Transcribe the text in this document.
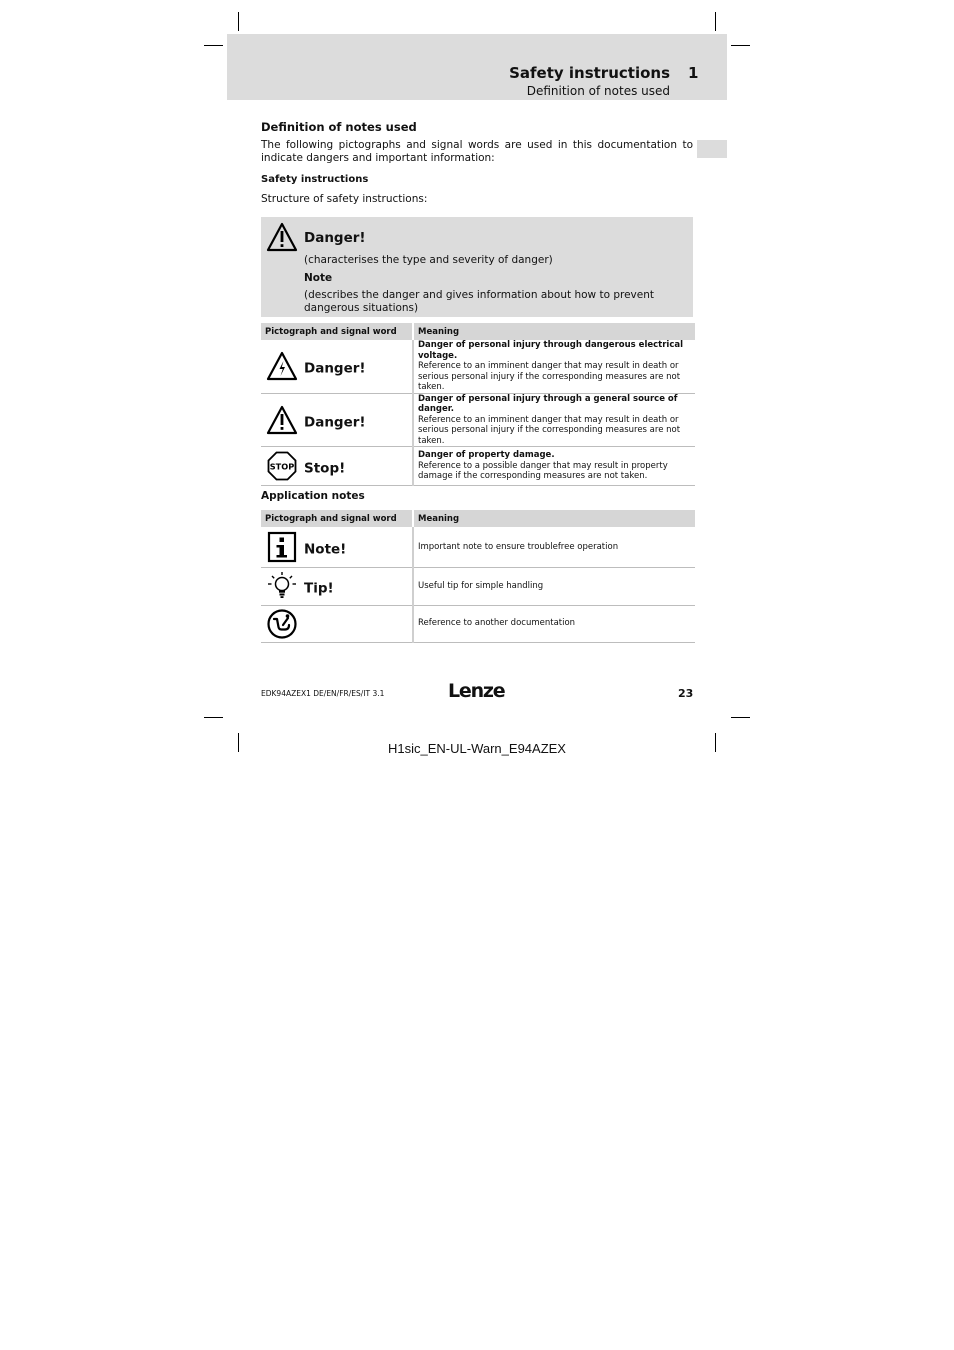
Safety instructions 1
Definition of notes used
Definition of notes used
The following pictographs and signal words are used in this documentation to indicate dangers and important information:
Safety instructions
Structure of safety instructions:
Danger!
(characterises the type and severity of danger)
Note
(describes the danger and gives information about how to prevent dangerous situations)
Pictograph and signal word	Meaning

Danger!	Danger of personal injury through dangerous electrical voltage.
Reference to an imminent danger that may result in death or serious personal injury if the corresponding measures are not taken.

Danger!	Danger of personal injury through a general source of danger.
Reference to an imminent danger that may result in death or serious personal injury if the corresponding measures are not taken.

STOP Stop!	Danger of property damage.
Reference to a possible danger that may result in property damage if the corresponding measures are not taken.
Application notes
Pictograph and signal word	Meaning

Note!	Important note to ensure troublefree operation

Tip!	Useful tip for simple handling

	Reference to another documentation
EDK94AZEX1 DE/EN/FR/ES/IT 3.1	Lenze	23
H1sic_EN-UL-Warn_E94AZEX
